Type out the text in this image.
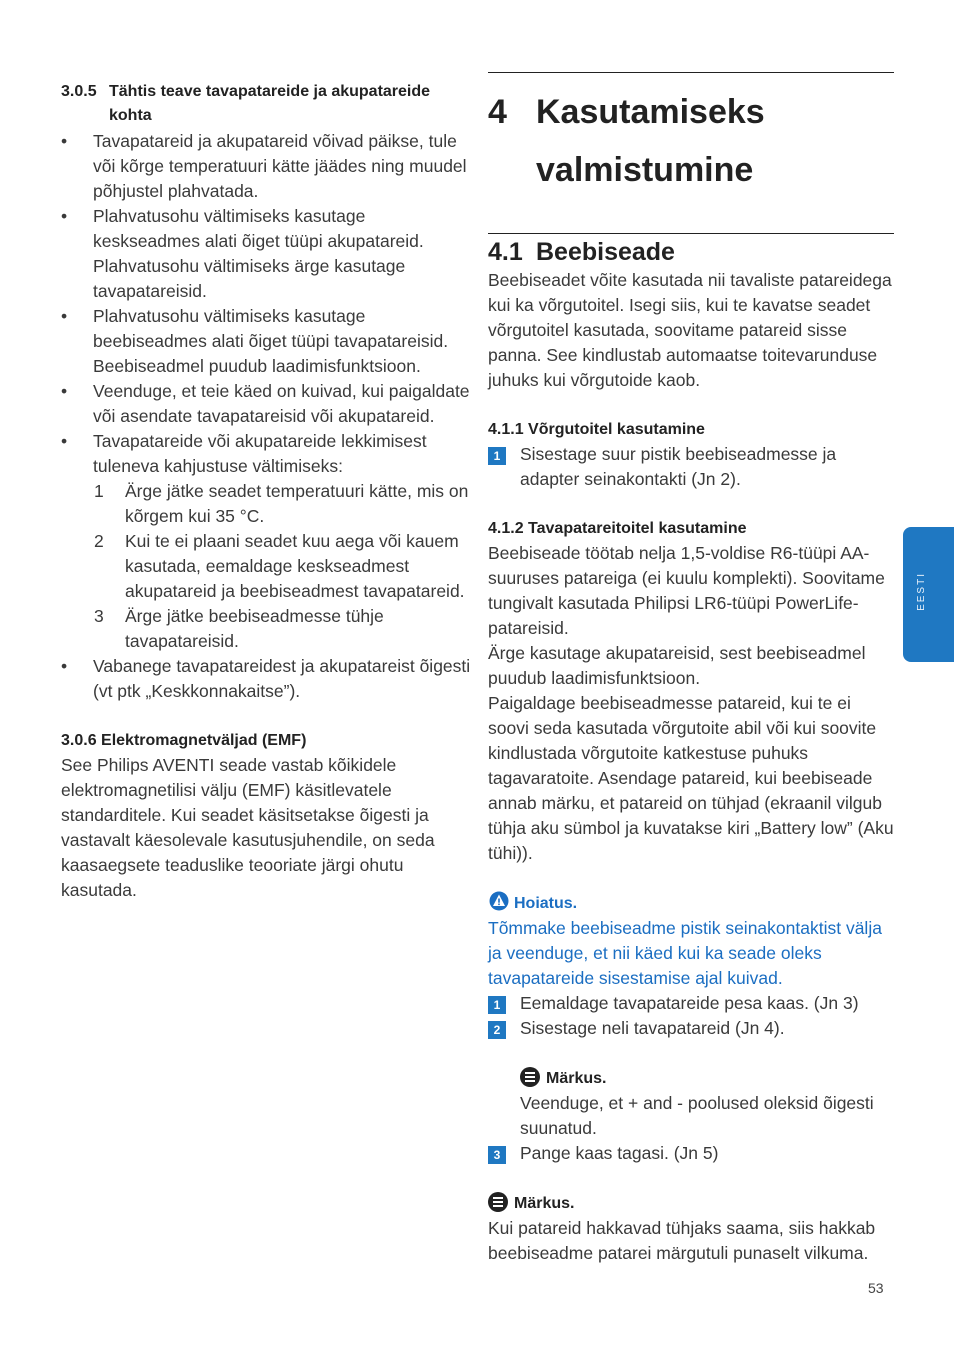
3.0.5 Tähtis teave tavapatareide ja akupatareide kohta
• Tavapatareid ja akupatareid võivad päikse, tule või kõrge temperatuuri kätte jäädes ning muudel põhjustel plahvatada.
• Plahvatusohu vältimiseks kasutage keskseadmes alati õiget tüüpi akupatareid. Plahvatusohu vältimiseks ärge kasutage tavapatareisid.
• Plahvatusohu vältimiseks kasutage beebiseadmes alati õiget tüüpi tavapatareisid. Beebiseadmel puudub laadimisfunktsioon.
• Veenduge, et teie käed on kuivad, kui paigaldate või asendate tavapatareisid või akupatareid.
• Tavapatareide või akupatareide lekkimisest tuleneva kahjustuse vältimiseks:
1 Ärge jätke seadet temperatuuri kätte, mis on kõrgem kui 35 °C.
2 Kui te ei plaani seadet kuu aega või kauem kasutada, eemaldage keskseadmest akupatareid ja beebiseadmest tavapatareid.
3 Ärge jätke beebiseadmesse tühje tavapatareisid.
• Vabanege tavapatareidest ja akupatareist õigesti (vt ptk „Keskkonnakaitse”).
3.0.6 Elektromagnetväljad (EMF)

See Philips AVENTI seade vastab kõikidele elektromagnetilisi välju (EMF) käsitlevatele standarditele. Kui seadet käsitsetakse õigesti ja vastavalt käesolevale kasutusjuhendile, on seda kaasaegsete teaduslike teooriate järgi ohutu kasutada.

4 Kasutamiseks
valmistumine
4.1 Beebiseade

Beebiseadet võite kasutada nii tavaliste patareidega kui ka võrgutoitel. Isegi siis, kui te kavatse seadet võrgutoitel kasutada, soovitame patareid sisse panna. See kindlustab automaatse toitevarunduse juhuks kui võrgutoide kaob.

4.1.1 Võrgutoitel kasutamine
1	Sisestage suur pistik beebiseadmesse ja adapter seinakontakti (Jn 2).
4.1.2 Tavapatareitoitel kasutamine

Beebiseade töötab nelja 1,5-voldise R6-tüüpi AA-suuruses patareiga (ei kuulu komplekti). Soovitame tungivalt kasutada Philipsi LR6-tüüpi PowerLife-patareisid.

Ärge kasutage akupatareisid, sest beebiseadmel puudub laadimisfunktsioon.

Paigaldage beebiseadmesse patareid, kui te ei soovi seda kasutada võrgutoite abil või kui soovite kindlustada võrgutoite katkestuse puhuks tagavaratoite. Asendage patareid, kui beebiseade annab märku, et patareid on tühjad (ekraanil vilgub tühja aku sümbol ja kuvatakse kiri „Battery low” (Aku tühi)).

Hoiatus.
Tõmmake beebiseadme pistik seinakontaktist välja ja veenduge, et nii käed kui ka seade oleks tavapatareide sisestamise ajal kuivad.
1	Eemaldage tavapatareide pesa kaas. (Jn 3)
2	Sisestage neli tavapatareid (Jn 4).
Märkus.
Veenduge, et + and - poolused oleksid õigesti suunatud.
3	Pange kaas tagasi. (Jn 5)
Märkus.
Kui patareid hakkavad tühjaks saama, siis hakkab beebiseadme patarei märgutuli punaselt vilkuma.
EESTI
53
